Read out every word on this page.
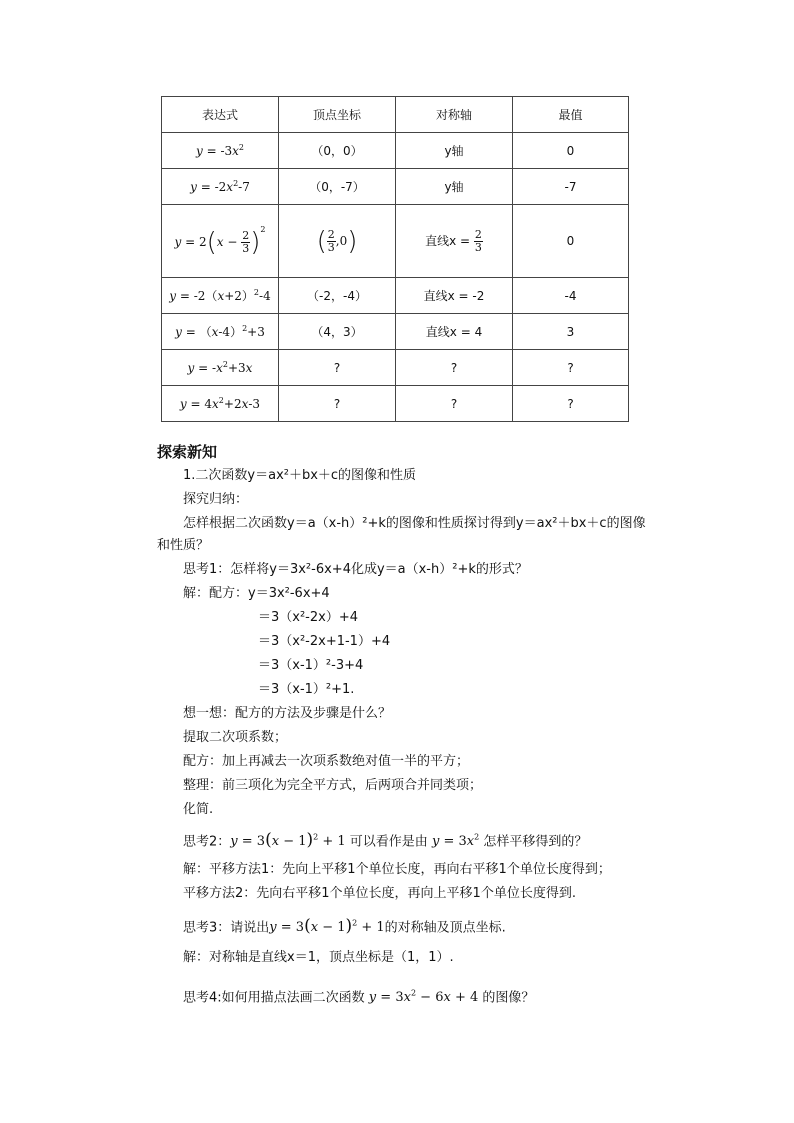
表达式	顶点坐标	对称轴	最值
$y = -3x^2$	（0，0）	y轴	0
$y = -2x^2-7$	（0，-7）	y轴	-7
$y = 2(x - \frac{2}{3} )^2$	( $\frac{2}{3} ,0$)	直线$x = \frac{2}{3}$	0
$y = -2(x+2)^2-4$	（-2，-4）	直线x = -2	-4
$y = (x-4)^2+3$	（4，3）	直线x = 4	3
$y = -x^2+3x$	?	?	?
$y = 4x^2+2x-3$	?	?	?
探索新知
1.二次函数y＝ax²＋bx＋c的图像和性质
探究归纳：
怎样根据二次函数y＝a（x-h）²+k的图像和性质探讨得到y＝ax²＋bx＋c的图像
和性质？
思考1：怎样将y＝3x²-6x+4化成y＝a（x-h）²+k的形式？
解：配方：y＝3x²-6x+4
＝3（x²-2x）+4
＝3（x²-2x+1-1）+4
＝3（x-1）²-3+4
＝3（x-1）²+1.
想一想：配方的方法及步骤是什么？
提取二次项系数；
配方：加上再减去一次项系数绝对值一半的平方；
整理：前三项化为完全平方式，后两项合并同类项；
化简.
思考2：$y = 3(x - 1)^2 + 1$ 可以看作是由 $y = 3x^2$ 怎样平移得到的？
解：平移方法1：先向上平移1个单位长度，再向右平移1个单位长度得到；
平移方法2：先向右平移1个单位长度，再向上平移1个单位长度得到.
思考3：请说出$y = 3(x - 1)^2 + 1$的对称轴及顶点坐标.
解：对称轴是直线x＝1，顶点坐标是（1，1）.
思考4:如何用描点法画二次函数 $y = 3x^2 - 6x + 4$ 的图像？
